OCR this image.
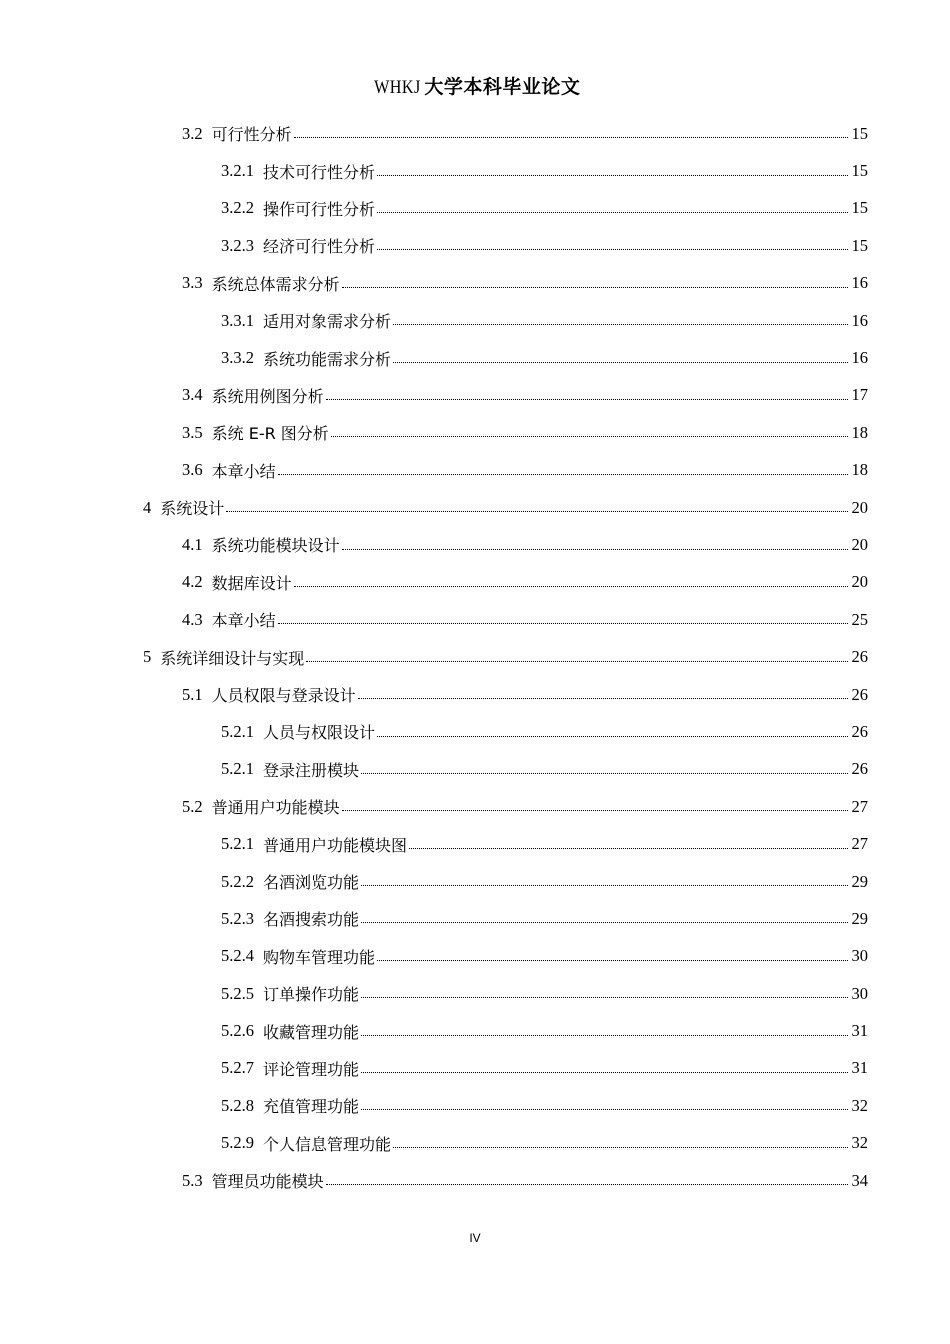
WHKJ 大学本科毕业论文
3.2 可行性分析	15
3.2.1 技术可行性分析	15
3.2.2 操作可行性分析	15
3.2.3 经济可行性分析	15
3.3 系统总体需求分析	16
3.3.1 适用对象需求分析	16
3.3.2 系统功能需求分析	16
3.4 系统用例图分析	17
3.5 系统 E-R 图分析	18
3.6 本章小结	18
4 系统设计	20
4.1 系统功能模块设计	20
4.2 数据库设计	20
4.3 本章小结	25
5 系统详细设计与实现	26
5.1 人员权限与登录设计	26
5.2.1 人员与权限设计	26
5.2.1 登录注册模块	26
5.2 普通用户功能模块	27
5.2.1 普通用户功能模块图	27
5.2.2 名酒浏览功能	29
5.2.3 名酒搜索功能	29
5.2.4 购物车管理功能	30
5.2.5 订单操作功能	30
5.2.6 收藏管理功能	31
5.2.7 评论管理功能	31
5.2.8 充值管理功能	32
5.2.9 个人信息管理功能	32
5.3 管理员功能模块	34
IV
